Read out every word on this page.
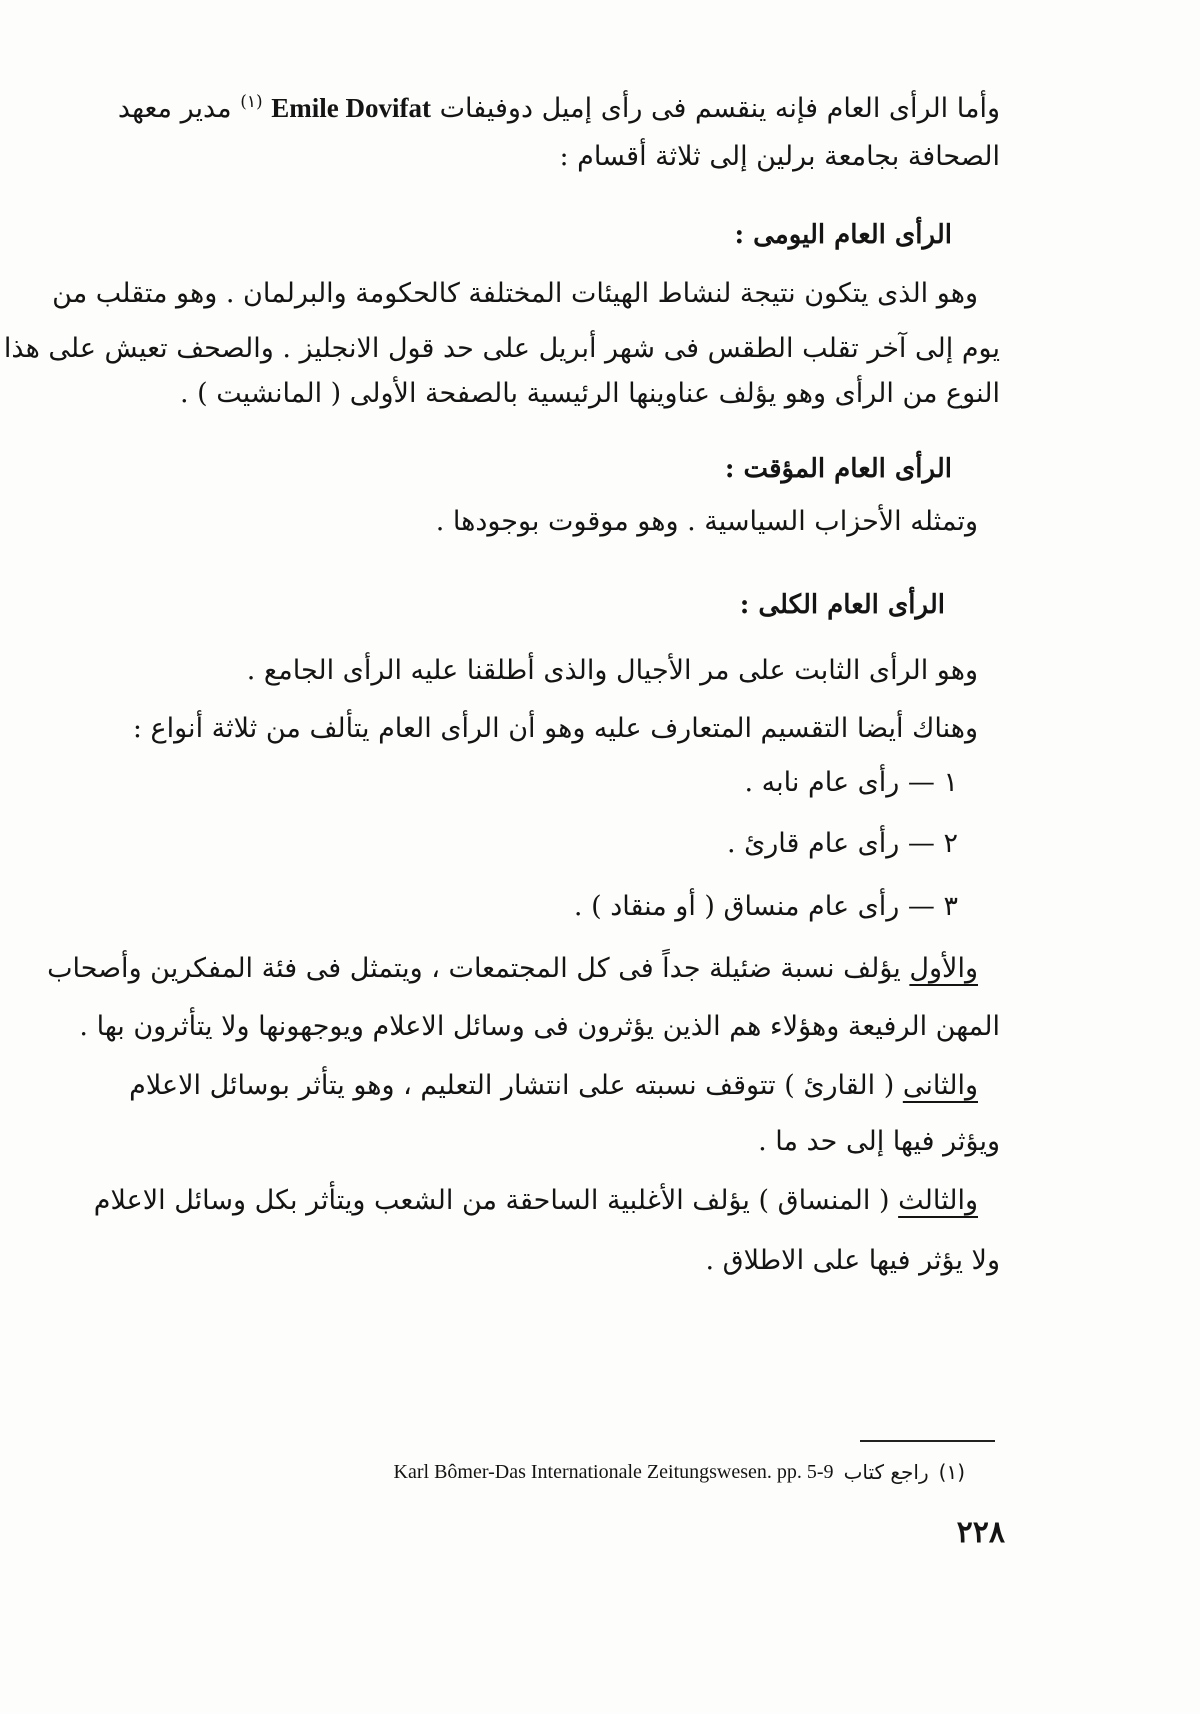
وأما الرأى العام فإنه ينقسم فى رأى إميل دوفيفات Emile Dovifat $^{(١)}$ مدير معهد

الصحافة بجامعة برلين إلى ثلاثة أقسام :

الرأى العام اليومى :

وهو الذى يتكون نتيجة لنشاط الهيئات المختلفة كالحكومة والبرلمان . وهو متقلب من

يوم إلى آخر تقلب الطقس فى شهر أبريل على حد قول الانجليز . والصحف تعيش على هذا

النوع من الرأى وهو يؤلف عناوينها الرئيسية بالصفحة الأولى ( المانشيت ) .

الرأى العام المؤقت :

وتمثله الأحزاب السياسية . وهو موقوت بوجودها .

الرأى العام الكلى :

وهو الرأى الثابت على مر الأجيال والذى أطلقنا عليه الرأى الجامع .

وهناك أيضا التقسيم المتعارف عليه وهو أن الرأى العام يتألف من ثلاثة أنواع :

١ — رأى عام نابه .

٢ — رأى عام قارئ .

٣ — رأى عام منساق ( أو منقاد ) .

والأول يؤلف نسبة ضئيلة جداً فى كل المجتمعات ، ويتمثل فى فئة المفكرين وأصحاب

المهن الرفيعة وهؤلاء هم الذين يؤثرون فى وسائل الاعلام ويوجهونها ولا يتأثرون بها .

والثانى ( القارئ ) تتوقف نسبته على انتشار التعليم ، وهو يتأثر بوسائل الاعلام

ويؤثر فيها إلى حد ما .

والثالث ( المنساق ) يؤلف الأغلبية الساحقة من الشعب ويتأثر بكل وسائل الاعلام

ولا يؤثر فيها على الاطلاق .

(١)
راجع كتاب
Karl Bômer-Das Internationale Zeitungswesen. pp. 5-9
٢٢٨
